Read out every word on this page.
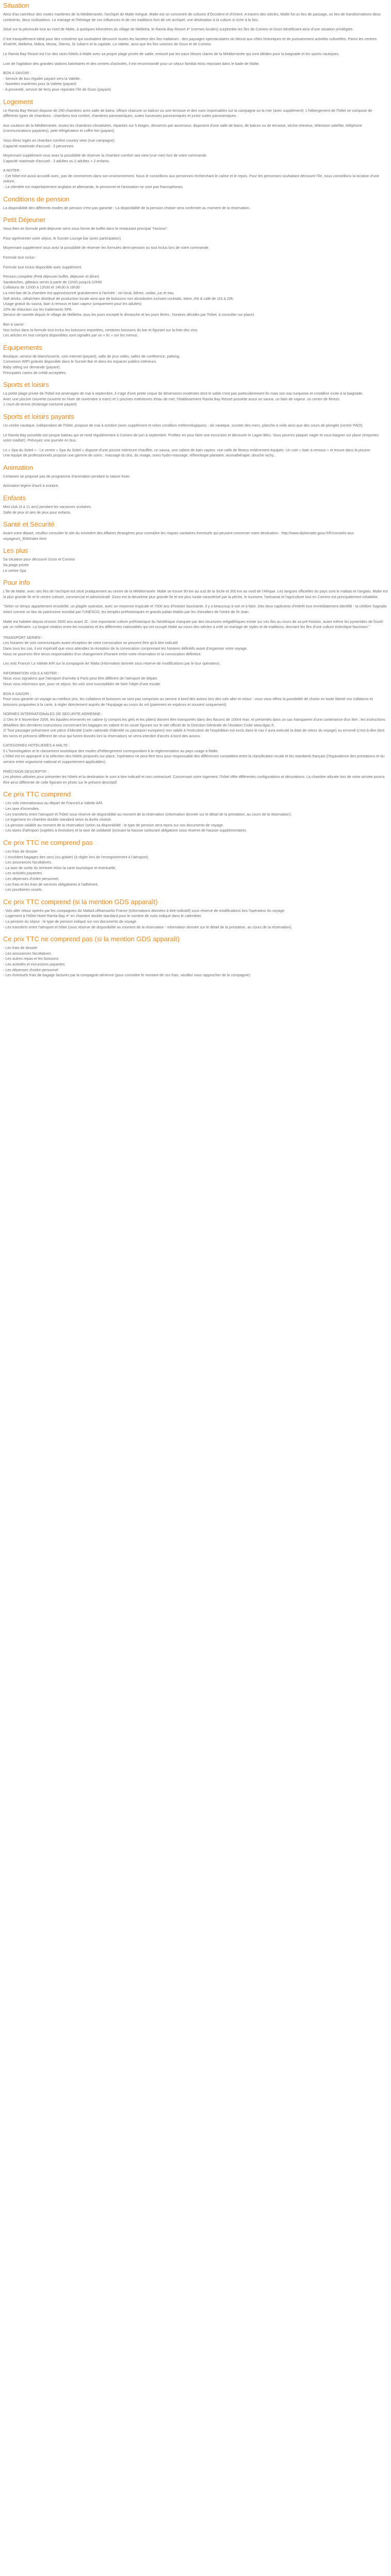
Situation

Ainsi d'au carrefour des routes maritimes de la Méditerranée, l'archipel de Malte intrigue. Malte est un concentré de cultures d'Occident et d'Orient. A travers des siècles, Malte fut un lieu de passage, un lieu de transformations deux continents, deux civilisations. Le mariage et l'héritage de ces influences et de ces traditions font de cet archipel, une destination à la culture si riche à la fois.

Situé sur la péninsule tout au nord de Malte, à quelques kilomètres du village de Mellieha, le Ramla Bay Resort 4* (normes locales) surplombe les îles de Comino et Gozo bénéficiant ainsi d'une situation privilégiée.

C'est tranquillement idéal pour des croisières qui souhaitent découvrir toutes les facettes des îles maltaises : des paysages spectaculaires du littoral aux côtes historiques et de puissamment activités culturelles. Parmi les centres d'intérêt, Mellieha, Mdina, Mosta, Sliema, St Julian's et la capitale, La Valette, ainsi que les îles voisines de Gozo et de Comino.

Le Ramla Bay Resort est l'un des rares hôtels à Malte avec sa propre plage privée de sable, entouré par les eaux bleues claires de la Méditerranée qui vont idéales pour la baignade et les sports nautiques.

Loin de l'agitation des grandes stations balnéaires et des centres d'activités, il est recommandé pour un séjour familial et/ou reposant dans le bade de Malte.

BON A SAVOIR :
- Service de bus régulier payant vers la Valette.
- Navettes maritimes pour la Valette (payant)
- A proximité, service de ferry pour rejoindre l'île de Gozo (payant)
Logement

Le Ramla Bay Resort dispose de 290 chambres avec salle de bains, offrant chacune un balcon ou une terrasse et des vues imprenables sur la campagne ou la mer (avec supplément). L'hébergement de l'hôtel se compose de différents types de chambres : chambres tout confort, chambres panoramiques, suites luxueuses panoramiques et junior suites panoramiques.

Aux couleurs de la Méditerranée, toutes les chambres climatisées, réparties sur 5 étages, desservis par ascenseur, disposent d'une salle de bains, de balcon ou de terrasse, sèche-cheveux, télévision satellite, téléphone (communications payantes), petit réfrigérateur et coffre fort (payant).

Vous élirez logés en chambre comfort country view (vue campagne)
Capacité maximale d'accueil : 3 personnes

Moyennant supplément vous avez la possibilité de réserver la chambre comfort sea view (vue mer) lors de votre commande.
Capacité maximale d'accueil : 3 adultes ou 2 adultes + 2 enfants.

A NOTER :
- Cet hôtel est aussi accueilli avec, pas de commerces dans son environnement. Nous le conseillons aux personnes recherchant le calme et le repos. Pour les personnes souhaitant découvrir l'île, nous conseillons la location d'une voiture.
- La clientèle est majoritairement anglaise et allemande, le personnel et l'animation ne sont pas francophones.

Conditions de pension

La disponibilité des différents modes de pension n'est pas garantie ; La disponibilité de la pension choisie sera confirmée au moment de la réservation.

Petit Déjeuner

Vous êtes en formule petit-déjeuner servi sous forme de buffet dans le restaurant principal "Horizon".

Pour agrémenter votre séjour, le Sunset Lounge bar (avec participation)

Moyennant supplément vous avez la possibilité de réserver les formules demi-pension ou tout inclus lors de votre commande.

Formule tout inclus :

Formule tout inclus disponible avec supplément.

Pension complète (Petit déjeuner buffet, déjeuner et dîner)
Sandwiches, gâteaux servis à partir de 11h00 jusqu'à 22h00
Collations de 11h00 à 12h30 et 14h30 à 16h30
La mini-bar de la chambre est approvisionné gratuitement à l'arrivée : vin local, bières, sodas, jus et eau.
Soft drinks, rafraîchies distribué de production locale ainsi que de boissons non alcoolisées incluant cocktails, bière, thé & café de 11h à 23h.
Usage gratuit du sauna, bain à remous et bain vapeur (uniquement pour les adultes)
10% de réduction sur les traitements SPA
Service de navette depuis le village de Mellieha, tous les jours excepté le dimanche et les jours fériés ; horaires décidés par l'hôtel, à consulter sur place)

Bon à savoir :
Nos inclus dans la formule tout inclus les boissons importées, certaines boissons du bar et figurant sur la liste des vins.
Les articles en tout compris disponibles sont signalés par un « tic » sur les menus.

Equipements

Boutique, service de blanchisserie, coin internet (payant), salle de jeux vidéo, salles de conférence, parking.
Connexion WIFI gratuite disponible dans le Sunset Bar et dans les espaces publics intérieurs.
Baby sitting sur demande (payant).
Principales cartes de crédit acceptées.

Sports et loisirs

La petite plage privée de l'hôtel est aménagée de mai à septembre, il s'agit d'une petite crique de dimensions modestes dont le sable n'est pas particulièrement fin mais son eau turquoise et cristalline incite à la baignade.
Avec une piscine couverte (ouverte en hiver de novembre à mars) et 2 piscines extérieures d'eau de mer, l'établissement Ramla Bay Resort possède aussi un sauna, un bain de vapeur, un centre de fitness.
1 court de tennis (éclairage nocturne payant)

Sports et loisirs payants

Un centre nautique, indépendant de l'hôtel, propose de mai à octobre (avec supplément et selon condition météorologiques) : ski nautique, scooter des mers, planche à voile ainsi que des cours de plongée (centre PADI).

Le Ramla Bay possède son propre bateau qui se rend régulièrement à Comino de juin à septembre. Profitez en pour faire une excursion et découvrir le Lagon Bleu. Vous pourrez plaquer nager et vous baigner sur place (emportez votre maillot!). Prévoyez une journée en bus.

Le « Spa du Soleil » - Le centre « Spa du Soleil » dispose d'une piscine intérieure chauffée, un sauna, une cabine de bain vapeur, une salle de fitness entièrement équipée. Un coin « bain à remous » et trouve dans la piscine.
Une équipe de professionnels propose une gamme de soins : massage du dos, du visage, soins hydro-massage, réflexologie plantaire, aromathérapie, douche vichy...

Animation

Certaines se propose pas de programme d'animation pendant la saison hiver.

Animation légère d'avril à octobre.

Enfants

Mini club (4 à 11 ans) pendant les vacances scolaires.
Salle de jeux et aire de jeux pour enfants.

Santé et Sécurité

Avant votre départ, veuillez consulter le site du ministère des Affaires étrangères pour connaître les risques sanitaires éventuels qui peuvent concerner votre destination : http://www.diplomatie.gouv.fr/fr/conseils-aux-voyageurs_909/index.html

Les plus

Sa situation pour découvrir Gozo et Comino
Sa plage privée
Le centre Spa

Pour info

L'île de Malte, avec ses îles de l'archipel est situé pratiquement au centre de la Méditerranée. Malte se trouve 90 km au sud de la Sicile et 300 km au nord de l'Afrique. Les langues officielles du pays sont le maltais et l'anglais. Malte est la plus grande île et le centre culturel, commercial et administratif. Gozo est la deuxième plus grande île et est plus rurale caractérisé par la pêche, le tourisme, l'artisanat et l'agriculture tout en Comino est principalement inhabitée.

"Selon un temps appartement ensoleillé, un plagée oyanaise, avec un moyenne tropicale et 7000 ans d'histoire fascinante, il y a beaucoup à voir et à faire. Des lieux captivants d'intérêt tout immédiatement identifié : la célèbre Sagrada intact comme un lieu du patrimoine mondial par l'UNESCO, les temples préhistoriques et grands palais établis par les chevaliers de l'ordre de St Jean.

Malte est habitée depuis environ 5000 ans avant JC. Une importante culture préhistorique du Néolithique marquée par des structures mégalithiques existe sur ces îles au cours de sa pré-histoire, avant même les pyramides de Gizeh par un millénaire. La longue relation entre les insulaires et les différentes nationalités qui ont occupé Malte au cours des siècles a créé un mariage de styles et de traditions, donnant les îles d'une culture éclectique fascinant."

TRANSPORT AERIEN :
Les horaires de vols communiqués avant réception de votre convocation ne peuvent être qu'à titre indicatif.
Dans tous les cas, il est impératif que vous attendiez la réception de la convocation comprenant les horaires définitifs avant d'organiser votre voyage.
Nous ne pourrons être tenus responsables d'un changement d'horaire entre votre réservation et la convocation définitive.

Les vols France/ La Valette A/R sur la compagnie Air Malta (information donnée sous réserve de modifications par le tour opérateur).

INFORMATION VOLS A NOTER :
Nous vous signalons que l'aéroport d'arrivée à Paris peut être différent de l'aéroport de départ.
Nous vous informons que, pour ce séjour, les vols sont susceptibles de faire l'objet d'une escale.

BON A SAVOIR :
Pour vous garantir un voyage au meilleur prix, les collations et boissons ne sont pas comprises au service à bord des avions lors des vols aller et retour : vous vous offrez la possibilité de choisir en toute liberté vos collations et boissons proposées à la carte, à régler directement auprès de l'équipage au cours du vol (paiement en espèces et souvent uniquement).

NORMES INTERNATIONALES DE SECURITE AERIENNE :
1/ Dès le 6 Novembre 2006, les liquides emmenés en cabine (y compris les gels et les pâtes) doivent être transportés dans des flacons de 100ml max. et présentés dans un sac transparent d'une contenance d'un litre ; les instructions détaillées des dernières instructions concernant les bagages en cabine et en soute figurant sur le site officiel de la Direction Générale de l'Aviation Civile www.dgac.fr.
2/ Tout passager présentant une pièce d'identité (carte nationale d'identité ou passeport européen) non valide à l'exécution de l'expédition est exclu dans le cas il aura exécuté la date de retour du voyage) ou errrondi (c'est-à-dire dont les noms et prénoms diffèrent de ceux qui furent donnés lors la réservation) se verra interdire d'accès à bord des avions.

CATEGORIES HOTELIERES A MALTE :
5 L'homologation et le classement touristique des modes d'hébergement correspondant à la réglementation au pays usage à Malte.
L'hôtel est en approprié à la sélection des hôtels proposés sur place, l'opérateur ne peut être tenu pour responsable des différences constatées entre la classification locale et les standards français (l'équivalence des prestations et du service entre organisme national et supportement applicables).

PRÉCISION DESCRIPTIF :
Les photos utilisées pour présenter les hôtels et la destination le sont à titre indicatif et non contractuel. Concernant votre logement, l'hôtel offre différentes configurations et décorations. La chambre allouée lors de votre arrivée pourra être ainsi différente de celle figurant en photo sur le présent descriptif.

Ce prix TTC comprend
- Les vols internationaux au départ de France/La Valette A/R.
- Les taxe d'incendies
- Les transferts entre l'aéroport et l'hôtel sous réserve de disponibilité au moment de la réservation (information donnée sur le détail de la prestation, au cours de la réservation).
- Le logement en chambre double standard selon la durée choisie.
- La pension valable au moment de la réservation (selon sa disponibilité : le type de pension sera repris sur vos documents de voyage.
- Les taxes d'aéroport (sujettes à évolution) et la taxe de solidarité (incluant la hausse carburant obligatoire sous réserve de hausse supplémentaire).
Ce prix TTC ne comprend pas
- Les frais de dossier
- L'excédent bagages des secs (ou gobier) (à régler lors de l'enregistrement à l'aéroport).
- Les assurances facultatives.
- La taxe de sortie du territoire et/ou la carte touristique et éventuelle,
- Les activités payantes.
- Les dépenses d'ordre personnel,
- Les frais et les frais de services obligatoires à l'adhérent,
- Les pourboires usuels.
Ce prix TTC comprend (si la mention GDS apparaît)
- Vols aller retour opérés par les compagnies Air Malta/Lufthansa/Air France (Informations données à titre indicatif) sous réserve de modifications lors l'opérateur du voyage.
- Logement à l'Hôtel Hotel Ramla Bay 4* en chambre double standard pour le nombre de nuits indiqué dans le calendrier.
- La pension du séjour : le type de pension indiqué sur vos documents de voyage.
- Les transferts entre l'aéroport et hôtel (sous réserve de disponibilité au moment de la réservation - information donnée sur le détail de la prestation, au cours de la réservation).
Ce prix TTC ne comprend pas (si la mention GDS apparaît)
- Les frais de dossier
- Les assurances facultatives
- Les autres repas et les boissons
- Les activités et excursions payantes
- Les dépenses d'ordre personnel
- Les éventuels frais de bagage facturés par la compagnie aérienne (pour connaître le montant de ces frais, veuillez vous rapprocher de la compagnie)
